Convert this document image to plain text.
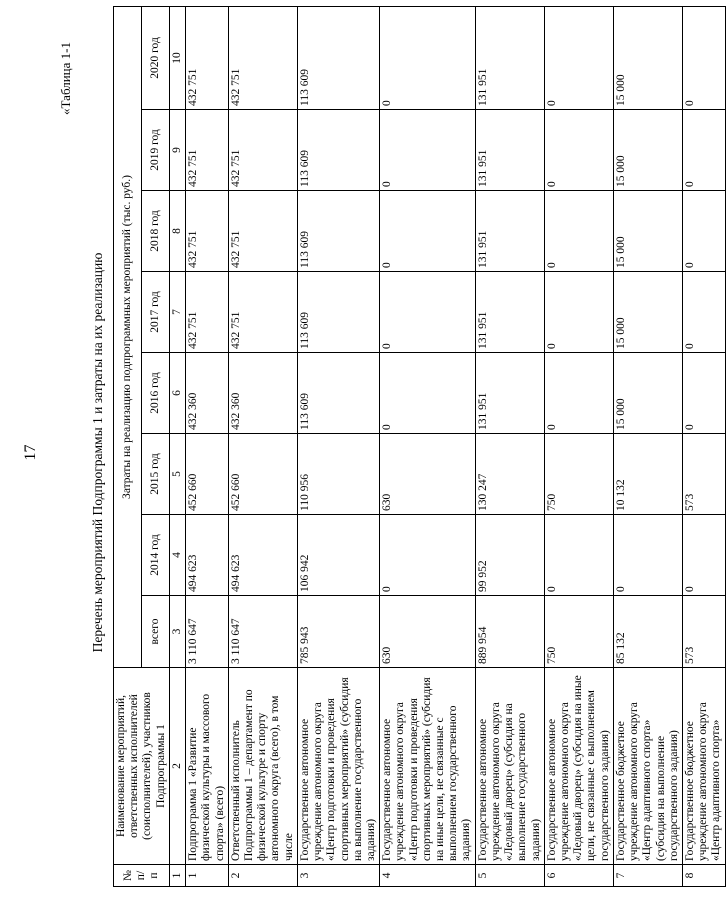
17
«Таблица 1-1
Перечень мероприятий Подпрограммы 1 и затраты на их реализацию
№ п/п	Наименование мероприятий, ответственных исполнителей (соисполнителей), участников Подпрограммы 1	Затраты на реализацию подпрограммных мероприятий (тыс. руб.)							
		всего	2014 год	2015 год	2016 год	2017 год	2018 год	2019 год	2020 год
1	2	3	4	5	6	7	8	9	10
1	Подпрограмма 1 «Развитие физической культуры и массового спорта» (всего)	3 110 647	494 623	452 660	432 360	432 751	432 751	432 751	432 751
2	Ответственный исполнитель Подпрограммы 1 – департамент по физической культуре и спорту автономного округа (всего), в том числе	3 110 647	494 623	452 660	432 360	432 751	432 751	432 751	432 751
3	Государственное автономное учреждение автономного округа «Центр подготовки и проведения спортивных мероприятий» (субсидия на выполнение государственного задания)	785 943	106 942	110 956	113 609	113 609	113 609	113 609	113 609
4	Государственное автономное учреждение автономного округа «Центр подготовки и проведения спортивных мероприятий» (субсидия на иные цели, не связанные с выполнением государственного задания)	630	0	630	0	0	0	0	0
5	Государственное автономное учреждение автономного округа «Ледовый дворец» (субсидия на выполнение государственного задания)	889 954	99 952	130 247	131 951	131 951	131 951	131 951	131 951
6	Государственное автономное учреждение автономного округа «Ледовый дворец» (субсидия на иные цели, не связанные с выполнением государственного задания)	750	0	750	0	0	0	0	0
7	Государственное бюджетное учреждение автономного округа «Центр адаптивного спорта» (субсидия на выполнение государственного задания)	85 132	0	10 132	15 000	15 000	15 000	15 000	15 000
8	Государственное бюджетное учреждение автономного округа «Центр адаптивного спорта»	573	0	573	0	0	0	0	0
